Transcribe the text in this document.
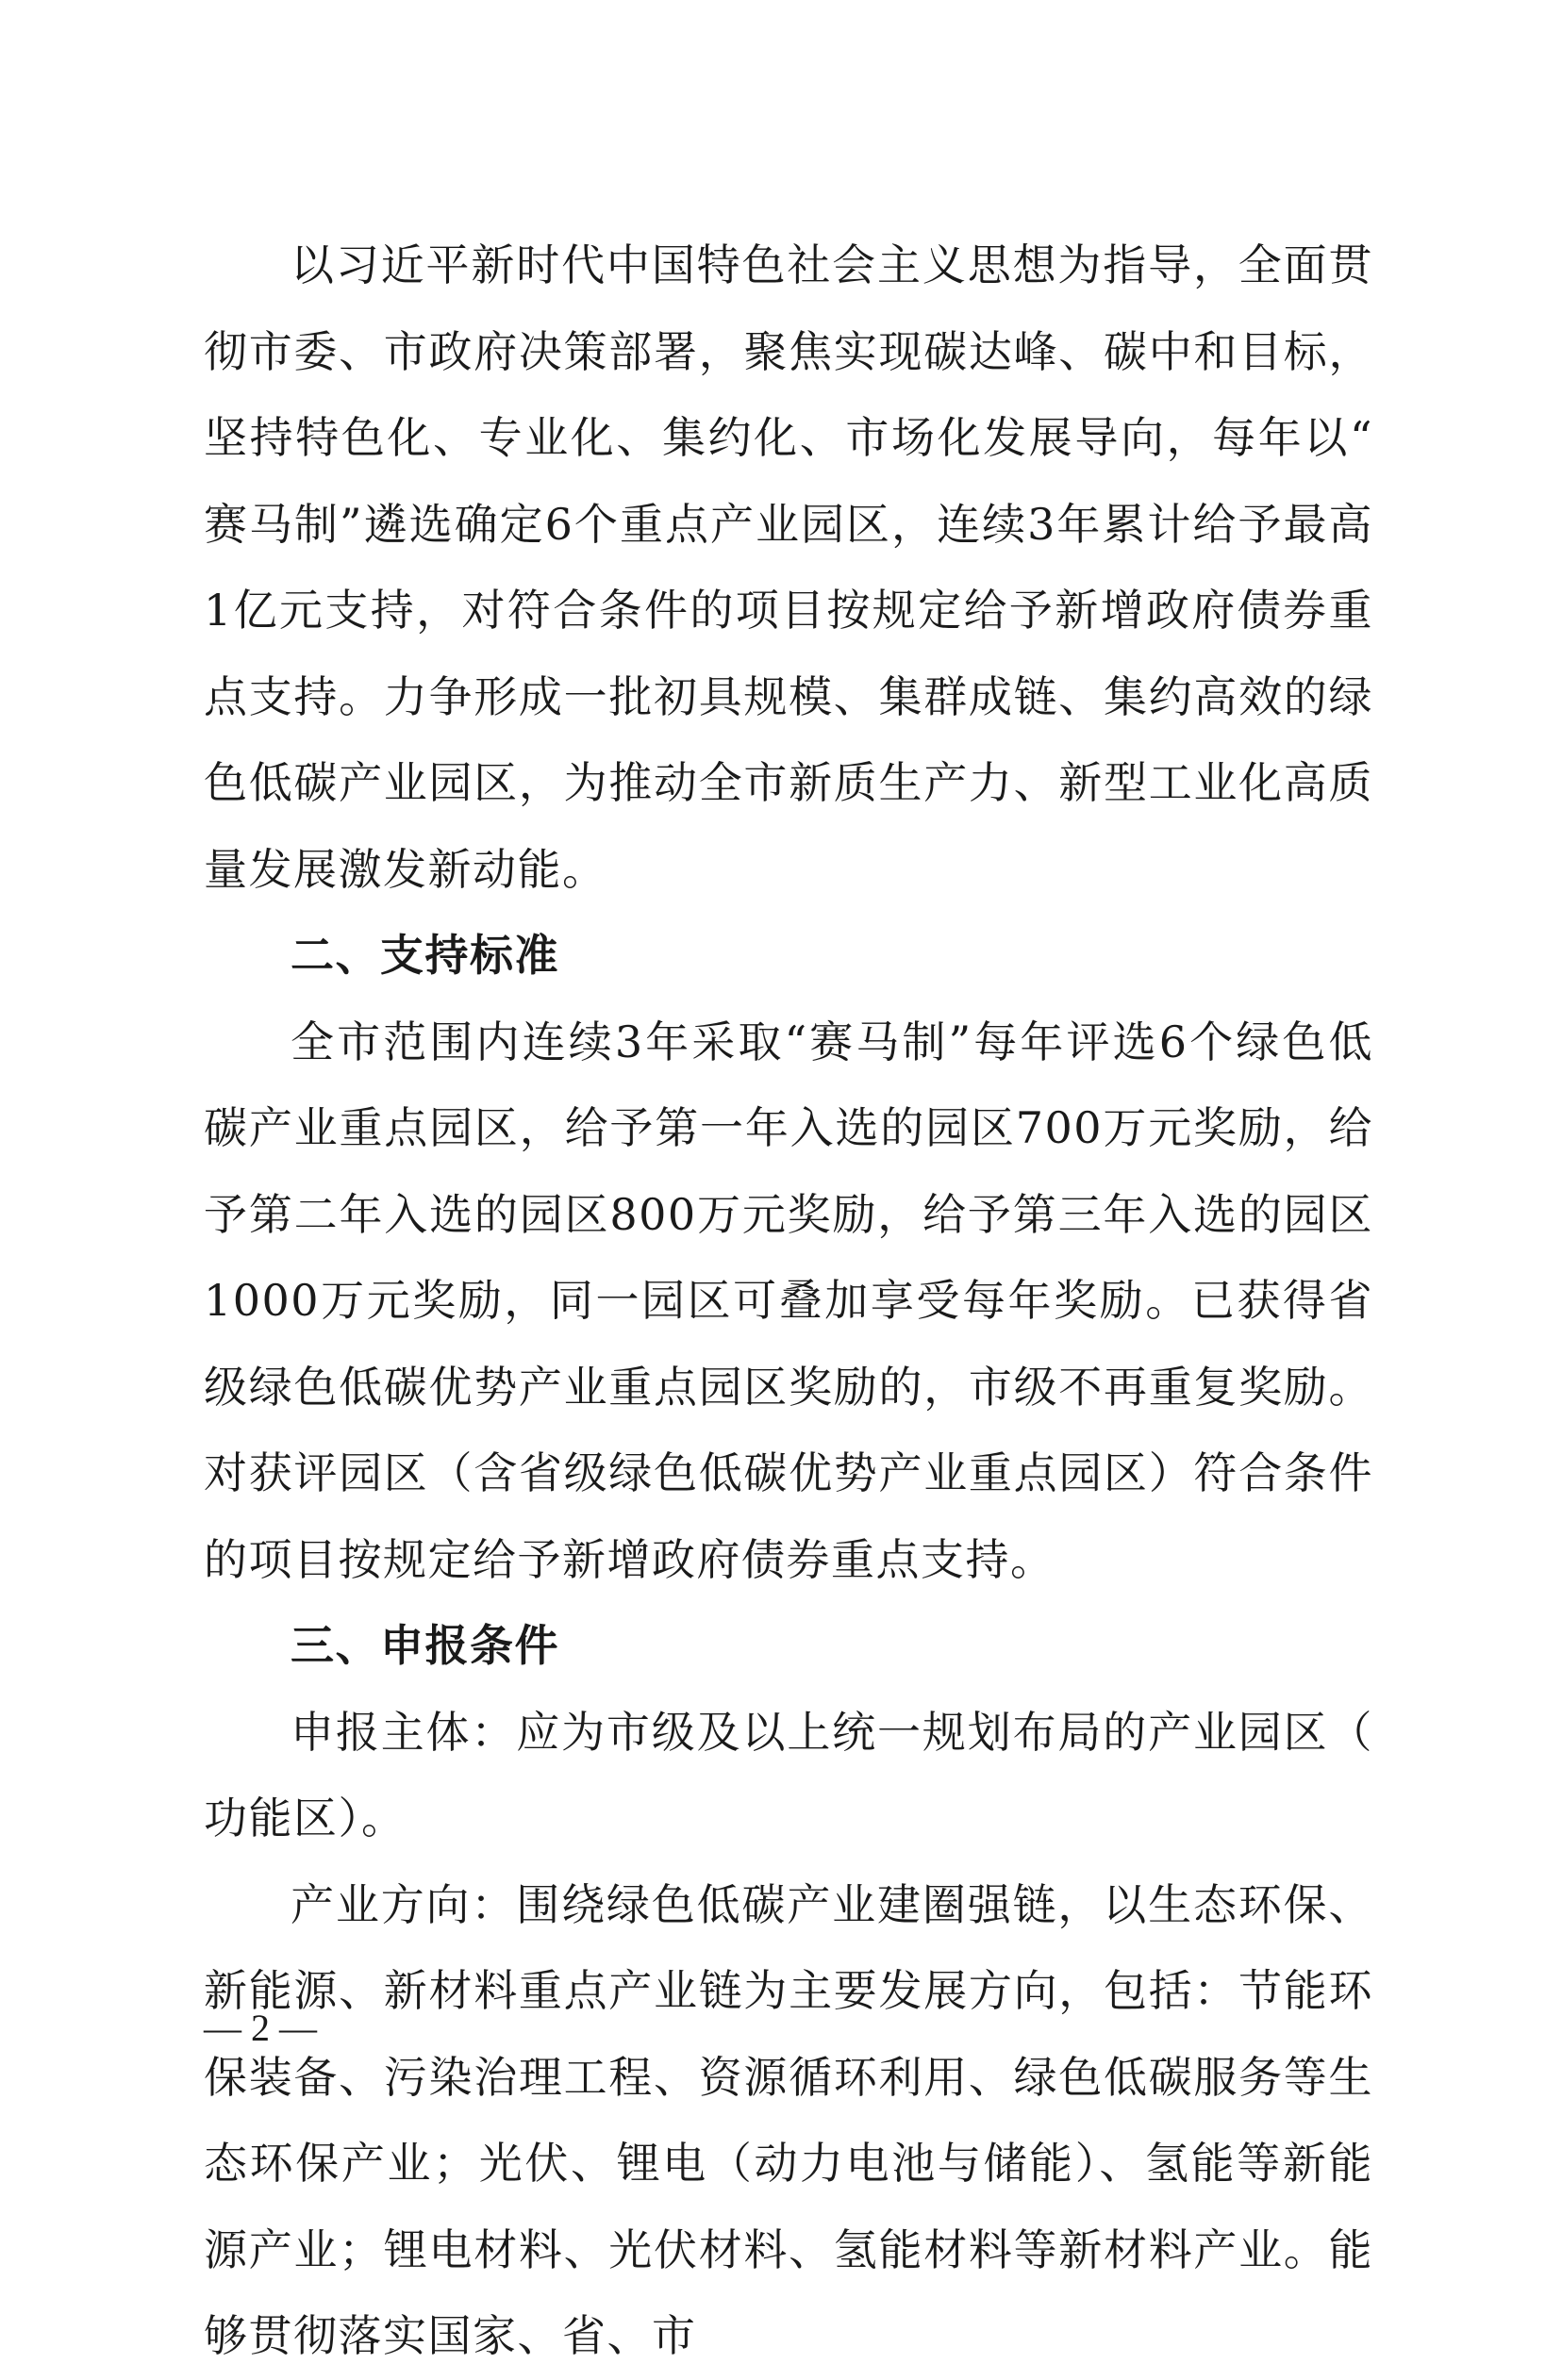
以习近平新时代中国特色社会主义思想为指导，全面贯彻市委、市政府决策部署，聚焦实现碳达峰、碳中和目标，坚持特色化、专业化、集约化、市场化发展导向，每年以“赛马制”遴选确定6个重点产业园区，连续3年累计给予最高1亿元支持，对符合条件的项目按规定给予新增政府债券重点支持。力争形成一批初具规模、集群成链、集约高效的绿色低碳产业园区，为推动全市新质生产力、新型工业化高质量发展激发新动能。

二、支持标准

全市范围内连续3年采取“赛马制”每年评选6个绿色低碳产业重点园区，给予第一年入选的园区700万元奖励，给予第二年入选的园区800万元奖励，给予第三年入选的园区1000万元奖励，同一园区可叠加享受每年奖励。已获得省级绿色低碳优势产业重点园区奖励的，市级不再重复奖励。对获评园区（含省级绿色低碳优势产业重点园区）符合条件的项目按规定给予新增政府债券重点支持。

三、申报条件

申报主体：应为市级及以上统一规划布局的产业园区（功能区）。

产业方向：围绕绿色低碳产业建圈强链，以生态环保、新能源、新材料重点产业链为主要发展方向，包括：节能环保装备、污染治理工程、资源循环利用、绿色低碳服务等生态环保产业；光伏、锂电（动力电池与储能）、氢能等新能源产业；锂电材料、光伏材料、氢能材料等新材料产业。能够贯彻落实国家、省、市

— 2 —
